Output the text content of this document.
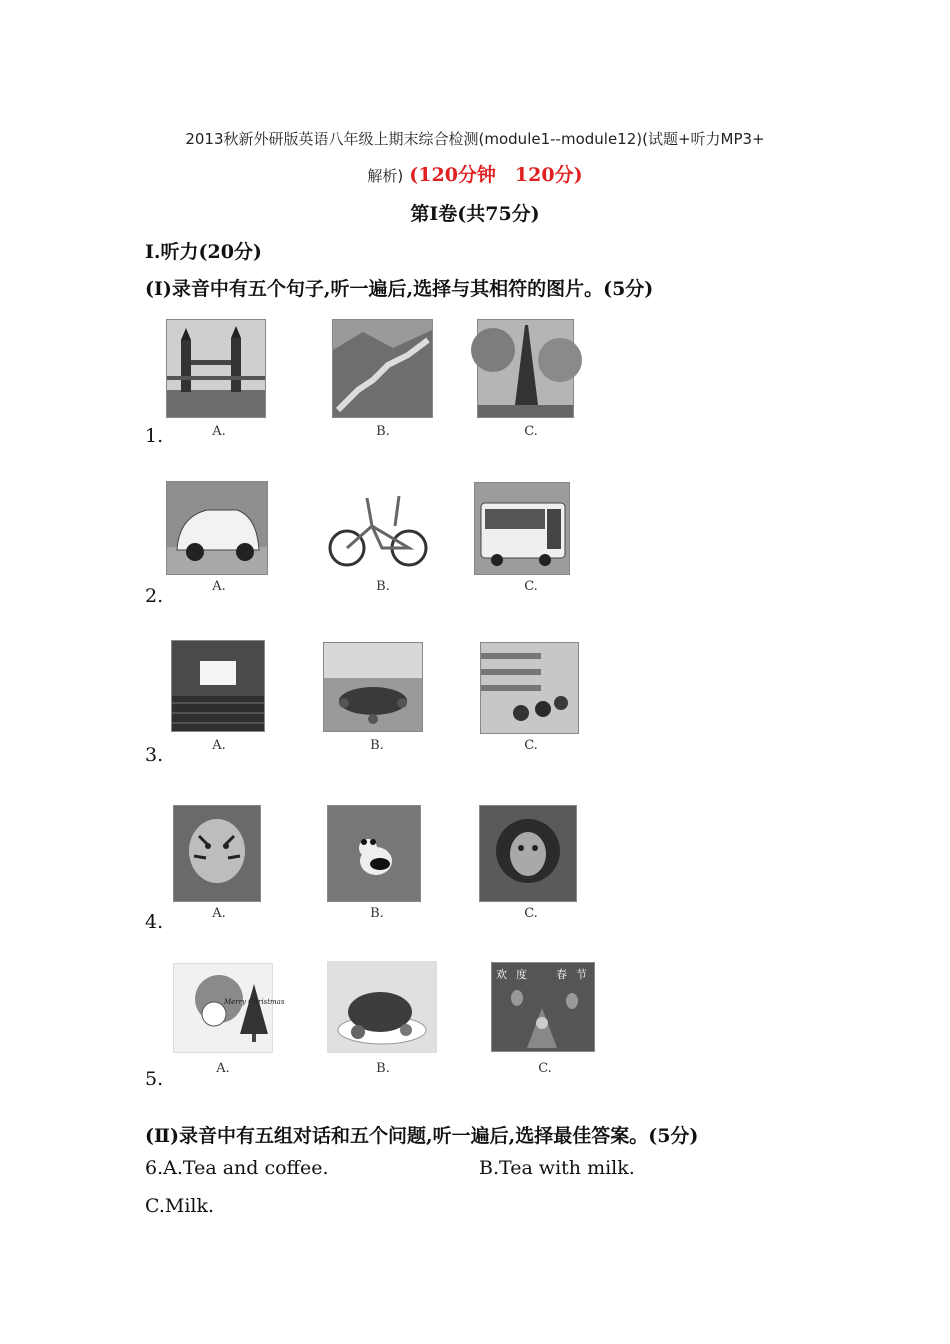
2013秋新外研版英语八年级上期末综合检测(module1--module12)(试题+听力MP3+
解析) (120分钟　120分)
第Ⅰ卷(共75分)
I.听力(20分)
(I)录音中有五个句子,听一遍后,选择与其相符的图片。(5分)
1.	A.	B.	C.
2.	A.	B.	C.
3.	A.	B.	C.
4.	A.	B.	C.
Merry Christmas
欢 度	春 节
5.	A.	B.	C.
(Ⅱ)录音中有五组对话和五个问题,听一遍后,选择最佳答案。(5分)
6.A.Tea and coffee.	B.Tea with milk.
C.Milk.
